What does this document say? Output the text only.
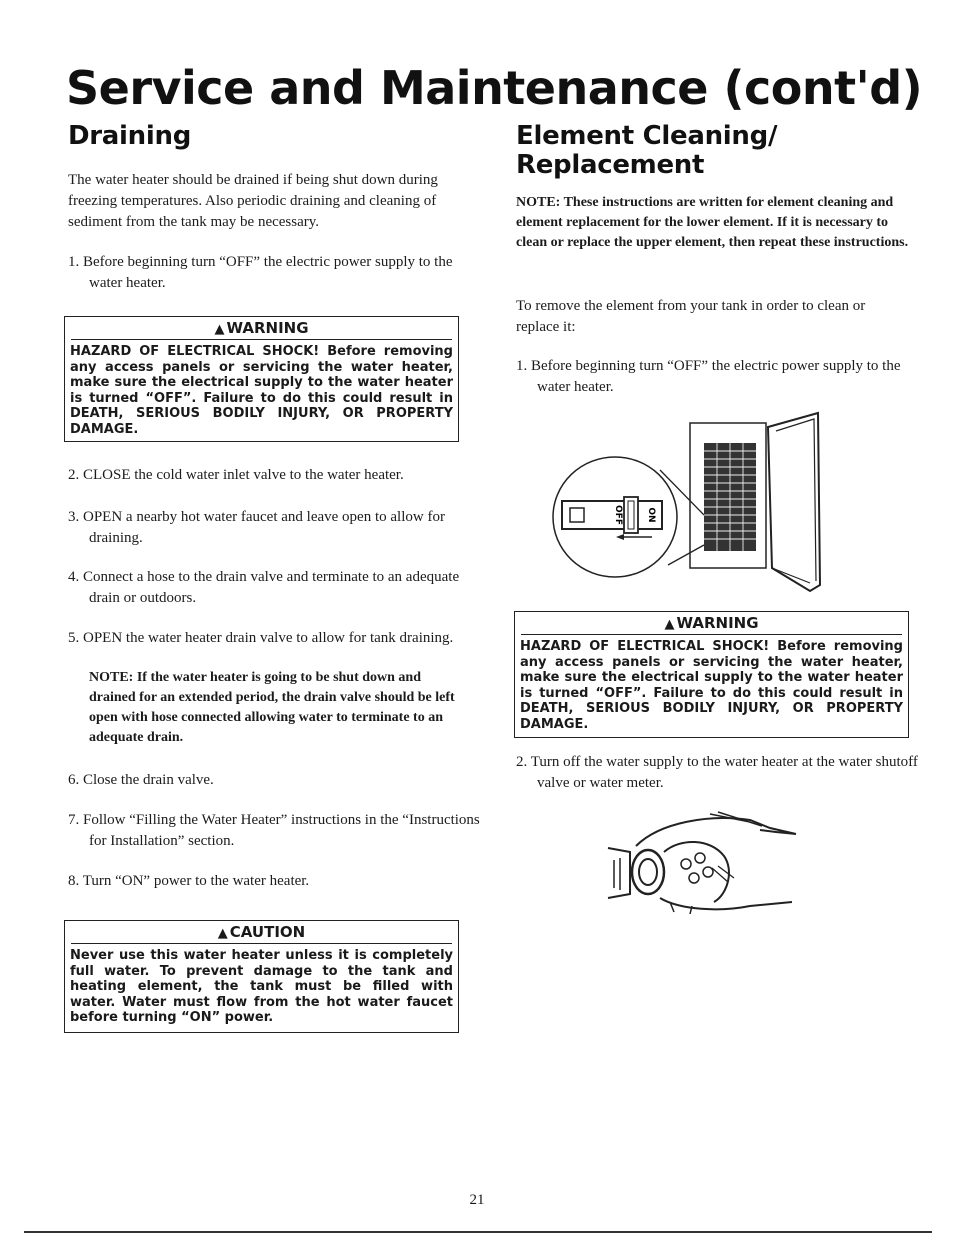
Service and Maintenance (cont'd)
Draining

The water heater should be drained if being shut down during freezing temperatures. Also periodic draining and cleaning of sediment from the tank may be necessary.

1. Before beginning turn “OFF” the electric power supply to the water heater.

▲ WARNING
HAZARD OF ELECTRICAL SHOCK! Before removing any access panels or servicing the water heater, make sure the electrical supply to the water heater is turned “OFF”. Failure to do this could result in DEATH, SERIOUS BODILY INJURY, OR PROPERTY DAMAGE.

2. CLOSE the cold water inlet valve to the water heater.

3. OPEN a nearby hot water faucet and leave open to allow for draining.

4. Connect a hose to the drain valve and terminate to an adequate drain or outdoors.

5. OPEN the water heater drain valve to allow for tank draining.

NOTE: If the water heater is going to be shut down and drained for an extended period, the drain valve should be left open with hose connected allowing water to terminate to an adequate drain.

6. Close the drain valve.

7. Follow “Filling the Water Heater” instructions in the “Instructions for Installation” section.

8. Turn “ON” power to the water heater.

▲ CAUTION
Never use this water heater unless it is completely full water. To prevent damage to the tank and heating element, the tank must be filled with water. Water must flow from the hot water faucet before turning “ON” power.
Element Cleaning/
Replacement

NOTE: These instructions are written for element cleaning and element replacement for the lower element. If it is necessary to clean or replace the upper element, then repeat these instructions.

To remove the element from your tank in order to clean or replace it:

1. Before beginning turn “OFF” the electric power supply to the water heater.

OFF	ON
▲ WARNING
HAZARD OF ELECTRICAL SHOCK! Before removing any access panels or servicing the water heater, make sure the electrical supply to the water heater is turned “OFF”. Failure to do this could result in DEATH, SERIOUS BODILY INJURY, OR PROPERTY DAMAGE.

2. Turn off the water supply to the water heater at the water shutoff valve or water meter.

21
